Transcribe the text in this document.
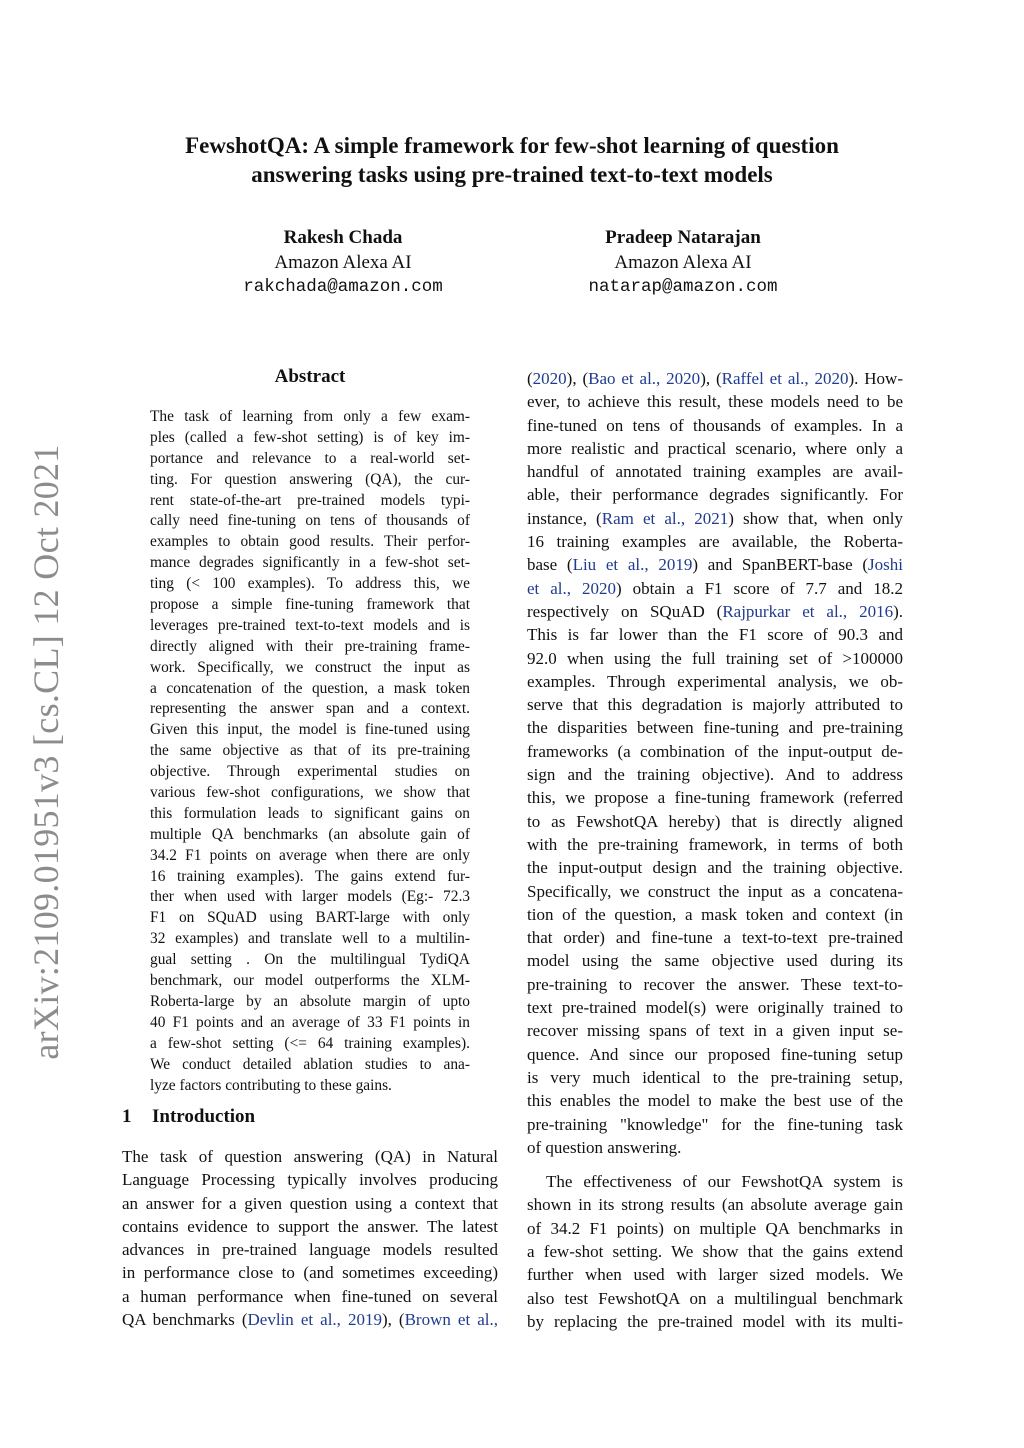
arXiv:2109.01951v3 [cs.CL] 12 Oct 2021
FewshotQA: A simple framework for few-shot learning of question
answering tasks using pre-trained text-to-text models
Rakesh Chada
Amazon Alexa AI
rakchada@amazon.com
Pradeep Natarajan
Amazon Alexa AI
natarap@amazon.com
Abstract
The task of learning from only a few exam-
ples (called a few-shot setting) is of key im-
portance and relevance to a real-world set-
ting. For question answering (QA), the cur-
rent state-of-the-art pre-trained models typi-
cally need fine-tuning on tens of thousands of
examples to obtain good results. Their perfor-
mance degrades significantly in a few-shot set-
ting (< 100 examples). To address this, we
propose a simple fine-tuning framework that
leverages pre-trained text-to-text models and is
directly aligned with their pre-training frame-
work. Specifically, we construct the input as
a concatenation of the question, a mask token
representing the answer span and a context.
Given this input, the model is fine-tuned using
the same objective as that of its pre-training
objective. Through experimental studies on
various few-shot configurations, we show that
this formulation leads to significant gains on
multiple QA benchmarks (an absolute gain of
34.2 F1 points on average when there are only
16 training examples). The gains extend fur-
ther when used with larger models (Eg:- 72.3
F1 on SQuAD using BART-large with only
32 examples) and translate well to a multilin-
gual setting . On the multilingual TydiQA
benchmark, our model outperforms the XLM-
Roberta-large by an absolute margin of upto
40 F1 points and an average of 33 F1 points in
a few-shot setting (<= 64 training examples).
We conduct detailed ablation studies to ana-
lyze factors contributing to these gains.
1 Introduction
The task of question answering (QA) in Natural
Language Processing typically involves producing
an answer for a given question using a context that
contains evidence to support the answer. The latest
advances in pre-trained language models resulted
in performance close to (and sometimes exceeding)
a human performance when fine-tuned on several
QA benchmarks (Devlin et al., 2019), (Brown et al.,
(2020), (Bao et al., 2020), (Raffel et al., 2020). How-
ever, to achieve this result, these models need to be
fine-tuned on tens of thousands of examples. In a
more realistic and practical scenario, where only a
handful of annotated training examples are avail-
able, their performance degrades significantly. For
instance, (Ram et al., 2021) show that, when only
16 training examples are available, the Roberta-
base (Liu et al., 2019) and SpanBERT-base (Joshi
et al., 2020) obtain a F1 score of 7.7 and 18.2
respectively on SQuAD (Rajpurkar et al., 2016).
This is far lower than the F1 score of 90.3 and
92.0 when using the full training set of >100000
examples. Through experimental analysis, we ob-
serve that this degradation is majorly attributed to
the disparities between fine-tuning and pre-training
frameworks (a combination of the input-output de-
sign and the training objective). And to address
this, we propose a fine-tuning framework (referred
to as FewshotQA hereby) that is directly aligned
with the pre-training framework, in terms of both
the input-output design and the training objective.
Specifically, we construct the input as a concatena-
tion of the question, a mask token and context (in
that order) and fine-tune a text-to-text pre-trained
model using the same objective used during its
pre-training to recover the answer. These text-to-
text pre-trained model(s) were originally trained to
recover missing spans of text in a given input se-
quence. And since our proposed fine-tuning setup
is very much identical to the pre-training setup,
this enables the model to make the best use of the
pre-training "knowledge" for the fine-tuning task
of question answering.
The effectiveness of our FewshotQA system is
shown in its strong results (an absolute average gain
of 34.2 F1 points) on multiple QA benchmarks in
a few-shot setting. We show that the gains extend
further when used with larger sized models. We
also test FewshotQA on a multilingual benchmark
by replacing the pre-trained model with its multi-
